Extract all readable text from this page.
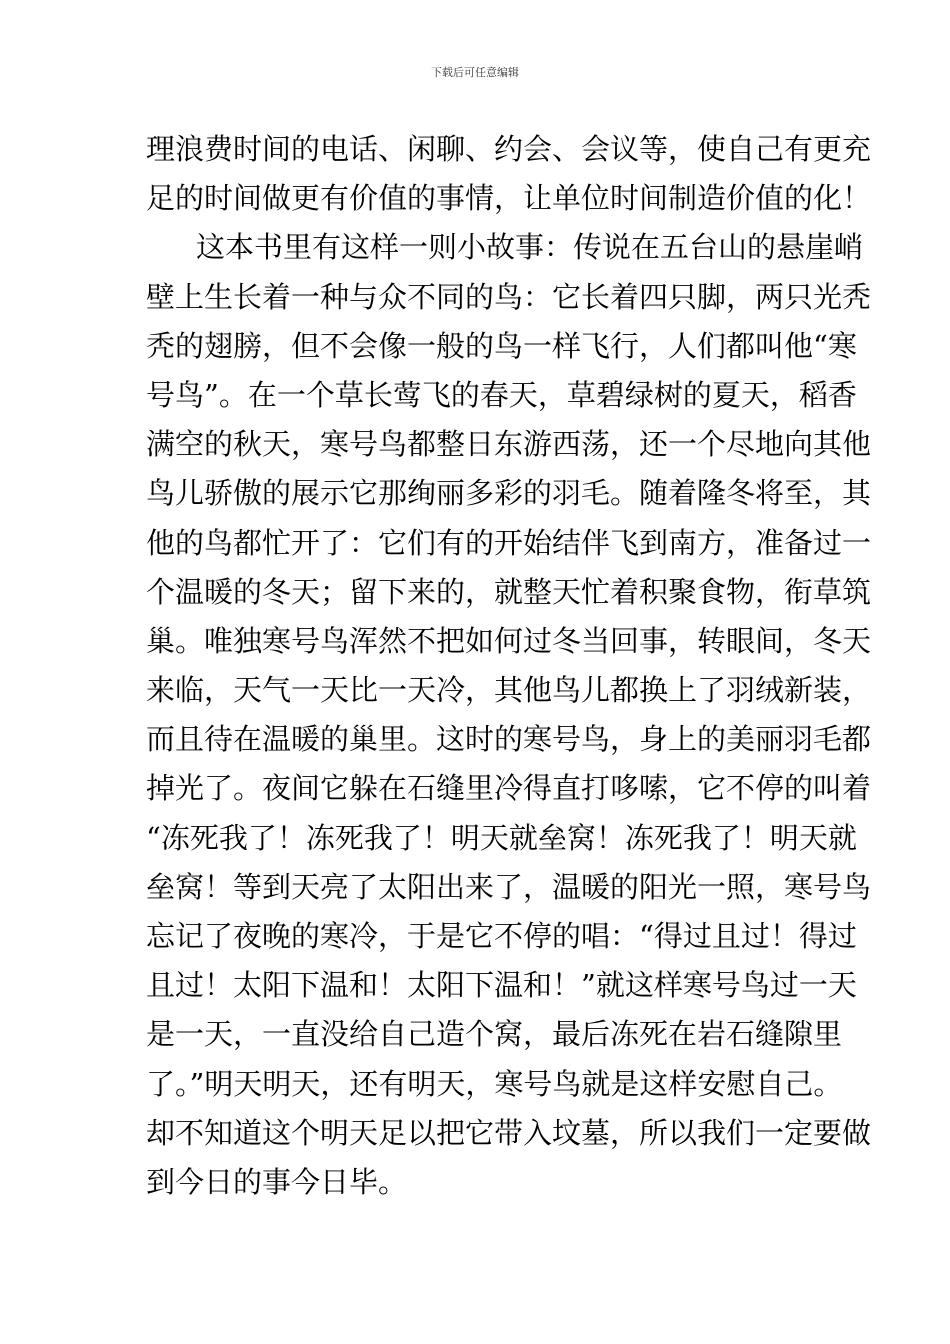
下载后可任意编辑
理浪费时间的电话、闲聊、约会、会议等，使自己有更充
足的时间做更有价值的事情，让单位时间制造价值的化！
这本书里有这样一则小故事：传说在五台山的悬崖峭
壁上生长着一种与众不同的鸟：它长着四只脚，两只光秃
秃的翅膀，但不会像一般的鸟一样飞行，人们都叫他“寒
号鸟”。在一个草长莺飞的春天，草碧绿树的夏天，稻香
满空的秋天，寒号鸟都整日东游西荡，还一个尽地向其他
鸟儿骄傲的展示它那绚丽多彩的羽毛。随着隆冬将至，其
他的鸟都忙开了：它们有的开始结伴飞到南方，准备过一
个温暖的冬天；留下来的，就整天忙着积聚食物，衔草筑
巢。唯独寒号鸟浑然不把如何过冬当回事，转眼间，冬天
来临，天气一天比一天冷，其他鸟儿都换上了羽绒新装，
而且待在温暖的巢里。这时的寒号鸟，身上的美丽羽毛都
掉光了。夜间它躲在石缝里冷得直打哆嗦，它不停的叫着
“冻死我了！冻死我了！明天就垒窝！冻死我了！明天就
垒窝！等到天亮了太阳出来了，温暖的阳光一照，寒号鸟
忘记了夜晚的寒冷，于是它不停的唱：“得过且过！得过
且过！太阳下温和！太阳下温和！”就这样寒号鸟过一天
是一天，一直没给自己造个窝，最后冻死在岩石缝隙里
了。”明天明天，还有明天，寒号鸟就是这样安慰自己。
却不知道这个明天足以把它带入坟墓，所以我们一定要做
到今日的事今日毕。
